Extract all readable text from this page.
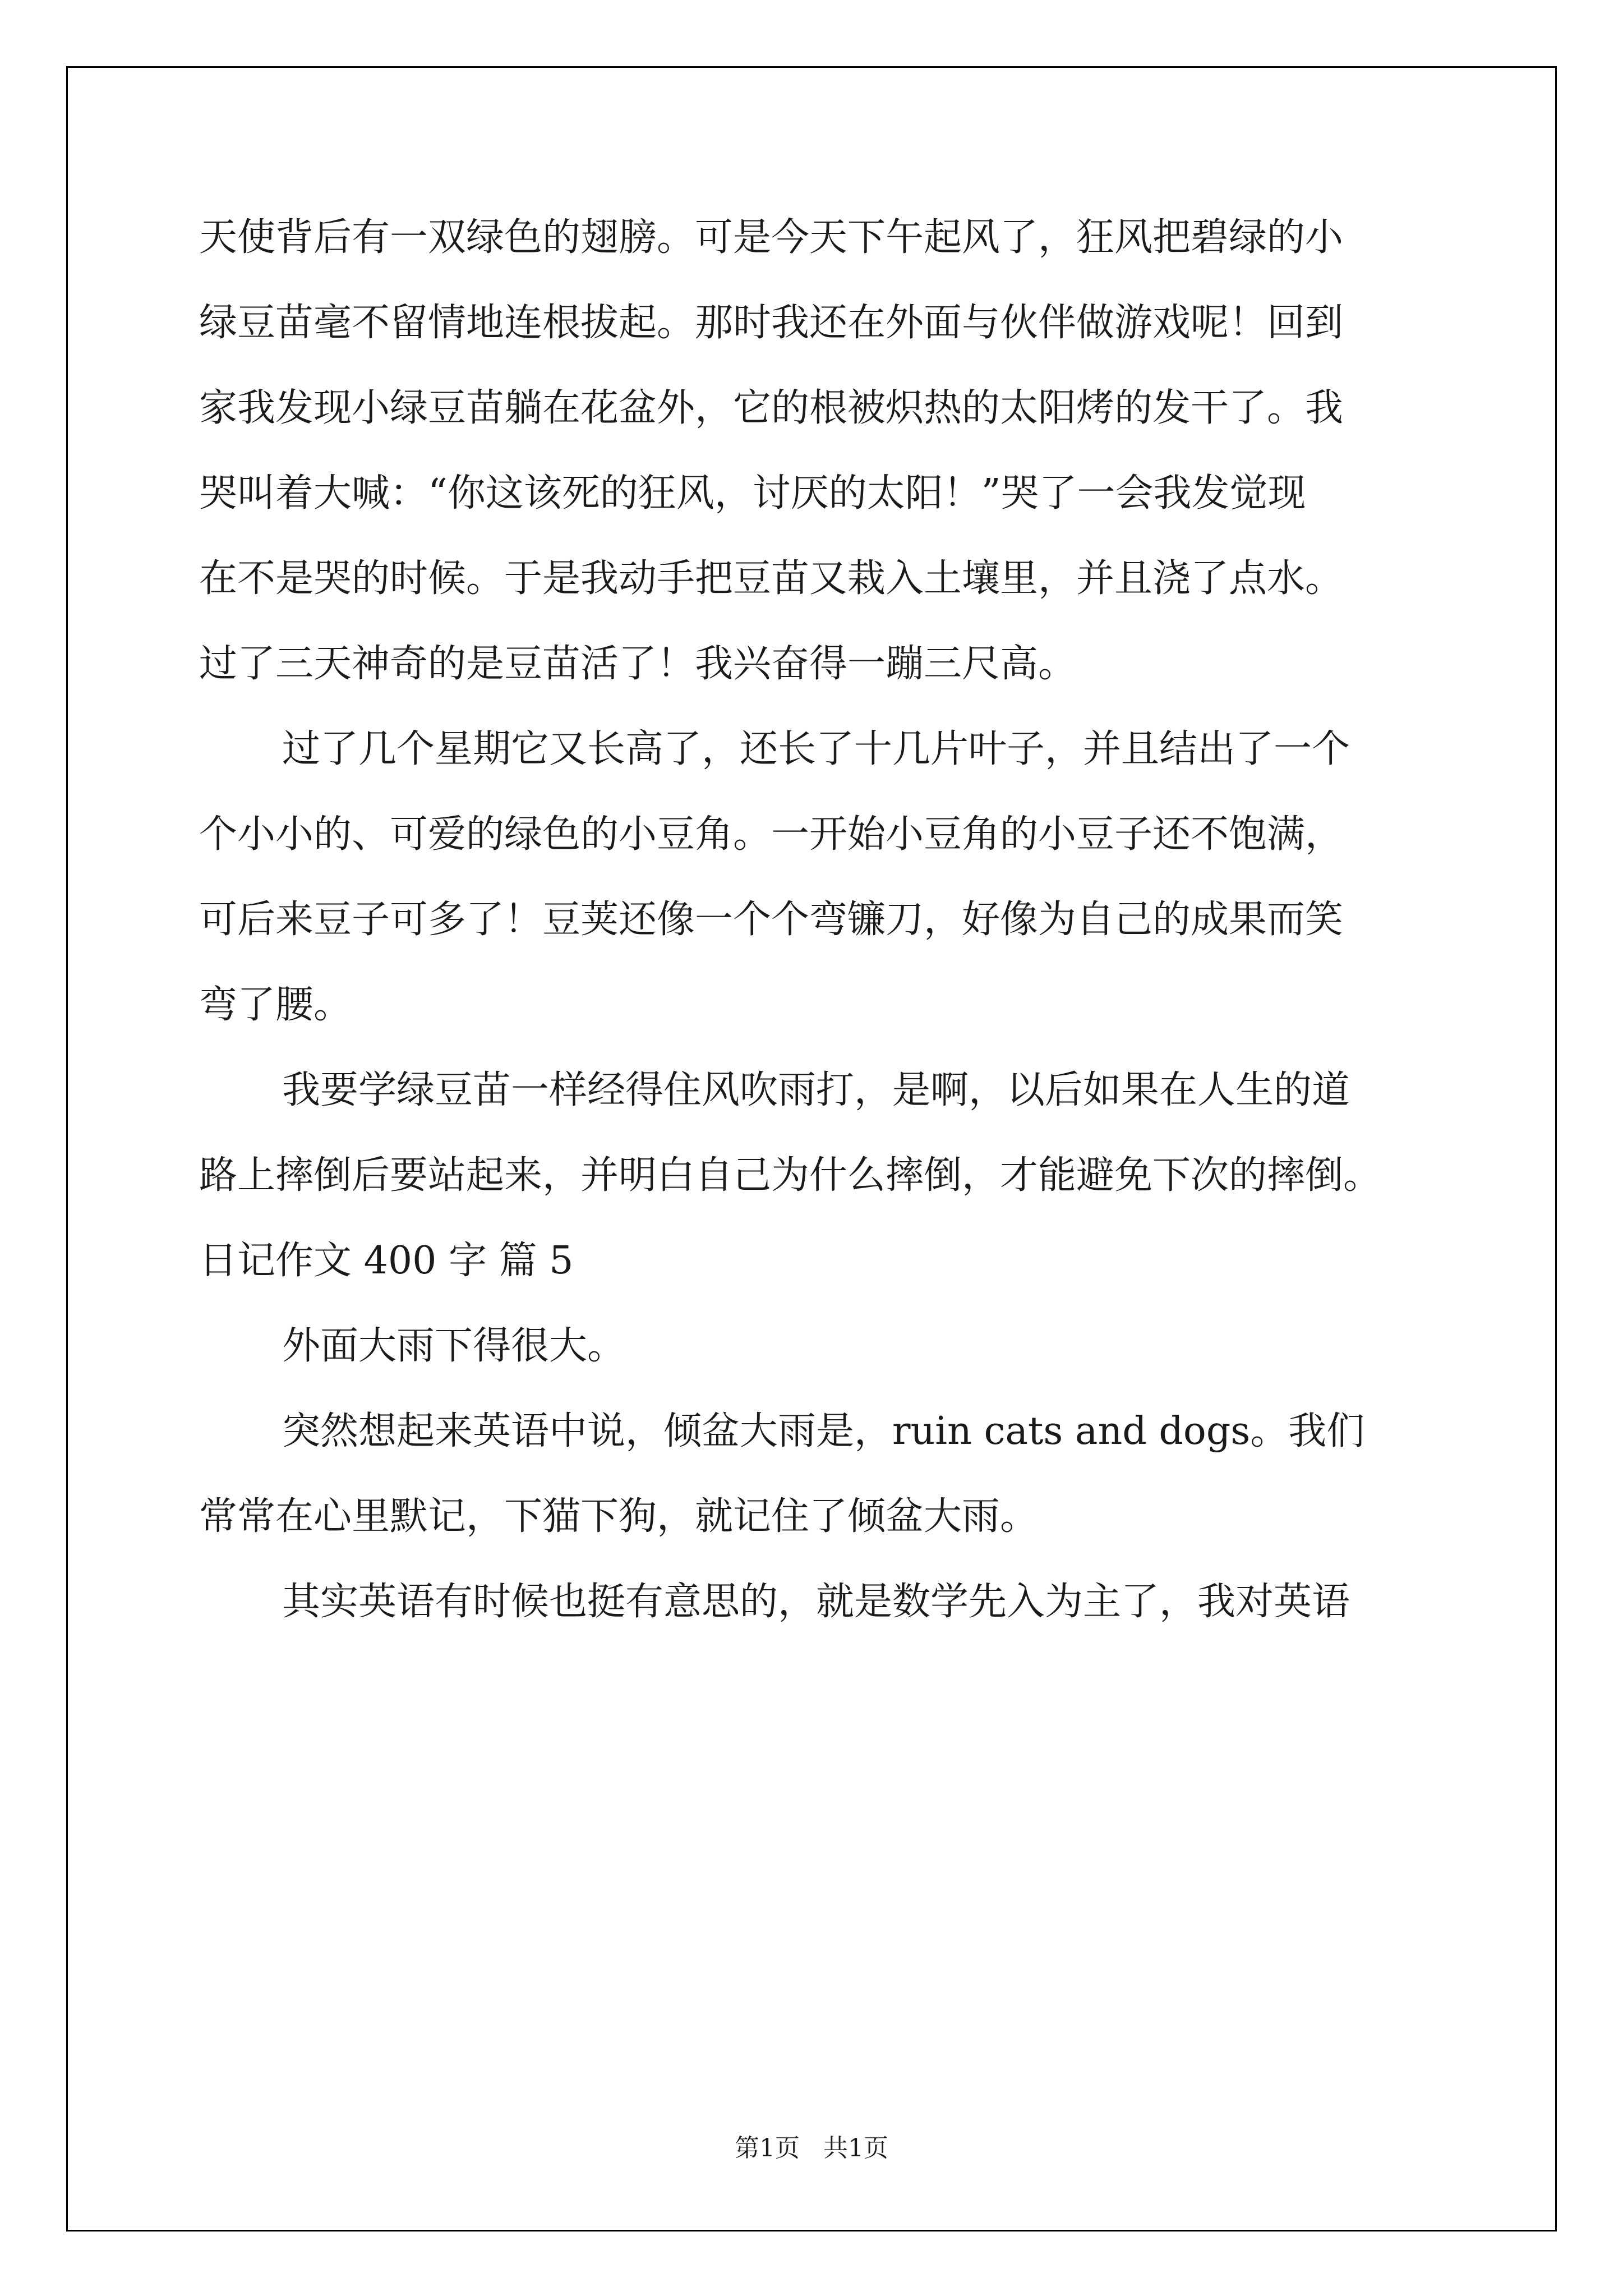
天使背后有一双绿色的翅膀。可是今天下午起风了，狂风把碧绿的小
绿豆苗毫不留情地连根拔起。那时我还在外面与伙伴做游戏呢！回到
家我发现小绿豆苗躺在花盆外，它的根被炽热的太阳烤的发干了。我
哭叫着大喊：“你这该死的狂风，讨厌的太阳！”哭了一会我发觉现
在不是哭的时候。于是我动手把豆苗又栽入土壤里，并且浇了点水。
过了三天神奇的是豆苗活了！我兴奋得一蹦三尺高。
过了几个星期它又长高了，还长了十几片叶子，并且结出了一个
个小小的、可爱的绿色的小豆角。一开始小豆角的小豆子还不饱满，
可后来豆子可多了！豆荚还像一个个弯镰刀，好像为自己的成果而笑
弯了腰。
我要学绿豆苗一样经得住风吹雨打，是啊，以后如果在人生的道
路上摔倒后要站起来，并明白自己为什么摔倒，才能避免下次的摔倒。
日记作文 400 字 篇 5
外面大雨下得很大。
突然想起来英语中说，倾盆大雨是，ruin cats and dogs。我们
常常在心里默记，下猫下狗，就记住了倾盆大雨。
其实英语有时候也挺有意思的，就是数学先入为主了，我对英语
第1页   共1页
